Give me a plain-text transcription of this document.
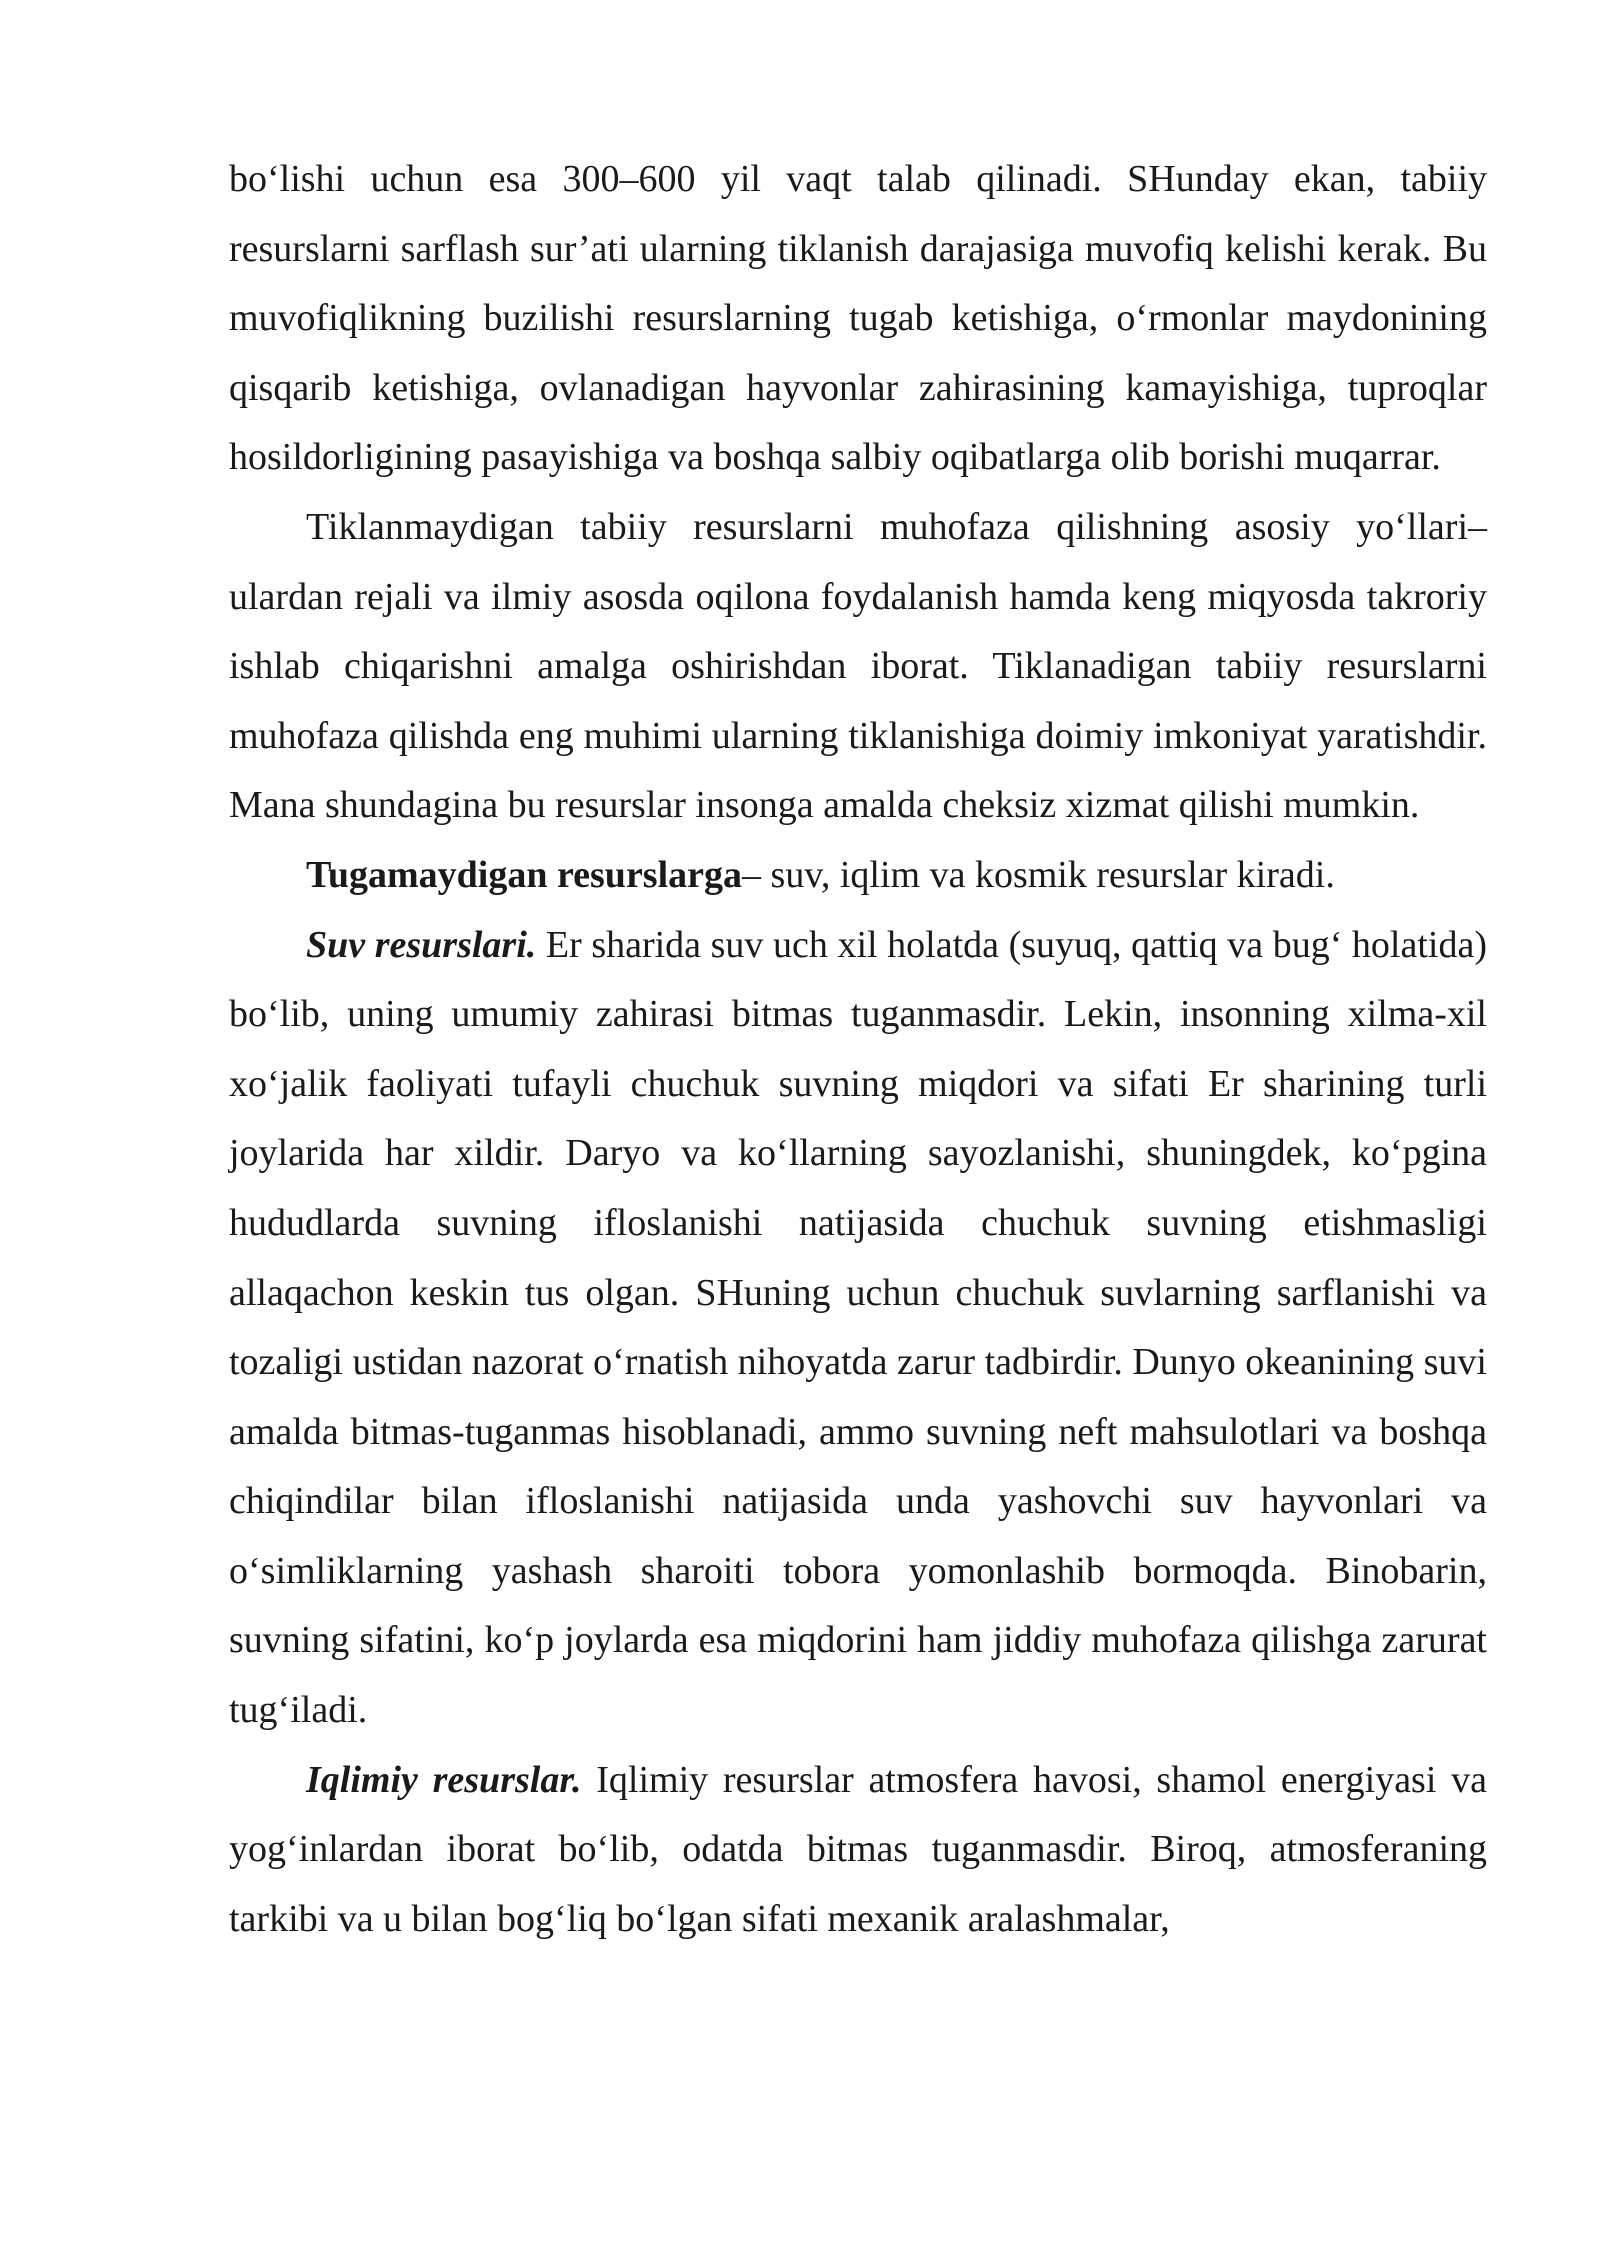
bo‘lishi uchun esa 300–600 yil vaqt talab qilinadi. SHunday ekan, tabiiy resurslarni sarflash sur’ati ularning tiklanish darajasiga muvofiq kelishi kerak. Bu muvofiqlikning buzilishi resurslarning tugab ketishiga, o‘rmonlar maydonining qisqarib ketishiga, ovlanadigan hayvonlar zahirasining kamayishiga, tuproqlar hosildorligining pasayishiga va boshqa salbiy oqibatlarga olib borishi muqarrar.

Tiklanmaydigan tabiiy resurslarni muhofaza qilishning asosiy yo‘llari– ulardan rejali va ilmiy asosda oqilona foydalanish hamda keng miqyosda takroriy ishlab chiqarishni amalga oshirishdan iborat. Tiklanadigan tabiiy resurslarni muhofaza qilishda eng muhimi ularning tiklanishiga doimiy imkoniyat yaratishdir. Mana shundagina bu resurslar insonga amalda cheksiz xizmat qilishi mumkin.

Tugamaydigan resurslarga– suv, iqlim va kosmik resurslar kiradi.

Suv resurslari. Er sharida suv uch xil holatda (suyuq, qattiq va bug‘ holatida) bo‘lib, uning umumiy zahirasi bitmas tuganmasdir. Lekin, insonning xilma-xil xo‘jalik faoliyati tufayli chuchuk suvning miqdori va sifati Er sharining turli joylarida har xildir. Daryo va ko‘llarning sayozlanishi, shuningdek, ko‘pgina hududlarda suvning ifloslanishi natijasida chuchuk suvning etishmasligi allaqachon keskin tus olgan. SHuning uchun chuchuk suvlarning sarflanishi va tozaligi ustidan nazorat o‘rnatish nihoyatda zarur tadbirdir. Dunyo okeanining suvi amalda bitmas-tuganmas hisoblanadi, ammo suvning neft mahsulotlari va boshqa chiqindilar bilan ifloslanishi natijasida unda yashovchi suv hayvonlari va o‘simliklarning yashash sharoiti tobora yomonlashib bormoqda. Binobarin, suvning sifatini, ko‘p joylarda esa miqdorini ham jiddiy muhofaza qilishga zarurat tug‘iladi.

Iqlimiy resurslar. Iqlimiy resurslar atmosfera havosi, shamol energiyasi va yog‘inlardan iborat bo‘lib, odatda bitmas tuganmasdir. Biroq, atmosferaning tarkibi va u bilan bog‘liq bo‘lgan sifati mexanik aralashmalar,
